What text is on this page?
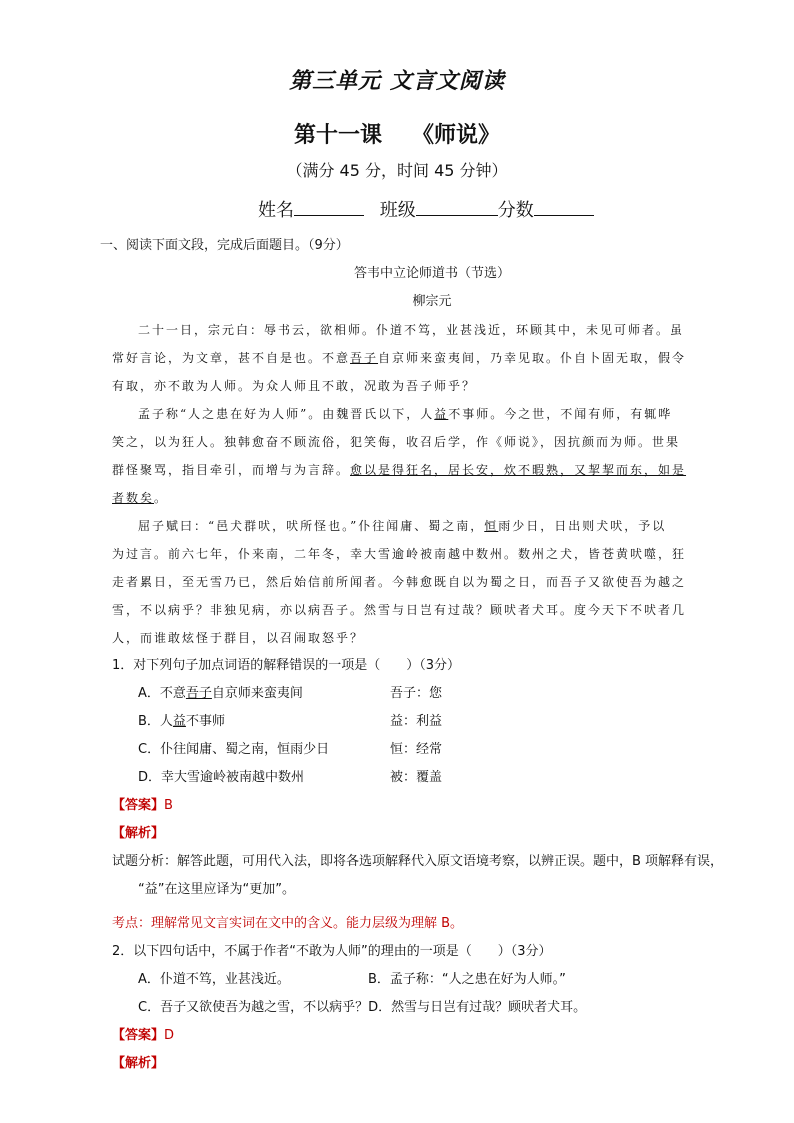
第三单元 文言文阅读
第十一课 《师说》
（满分 45 分，时间 45 分钟）
姓名	班级	分数
一、阅读下面文段，完成后面题目。（9分）
答韦中立论师道书（节选）
柳宗元
二十一日，宗元白：辱书云，欲相师。仆道不笃，业甚浅近，环顾其中，未见可师者。虽
常好言论，为文章，甚不自是也。不意吾子自京师来蛮夷间，乃幸见取。仆自卜固无取，假令
有取，亦不敢为人师。为众人师且不敢，况敢为吾子师乎？
孟子称“人之患在好为人师”。由魏晋氏以下，人益不事师。今之世，不闻有师，有辄哗
笑之，以为狂人。独韩愈奋不顾流俗，犯笑侮，收召后学，作《师说》，因抗颜而为师。世果
群怪聚骂，指目牵引，而增与为言辞。愈以是得狂名，居长安，炊不暇熟，又挈挈而东，如是
者数矣。
屈子赋曰：“邑犬群吠，吠所怪也。”仆往闻庸、蜀之南，恒雨少日，日出则犬吠，予以
为过言。前六七年，仆来南，二年冬，幸大雪逾岭被南越中数州。数州之犬，皆苍黄吠噬，狂
走者累日，至无雪乃已，然后始信前所闻者。今韩愈既自以为蜀之日，而吾子又欲使吾为越之
雪，不以病乎？非独见病，亦以病吾子。然雪与日岂有过哉？顾吠者犬耳。度今天下不吠者几
人，而谁敢炫怪于群目，以召闹取怒乎？
1．对下列句子加点词语的解释错误的一项是（　　）（3分）
A．不意吾子自京师来蛮夷间	吾子：您
B．人益不事师	益：利益
C．仆往闻庸、蜀之南，恒雨少日	恒：经常
D．幸大雪逾岭被南越中数州	被：覆盖
【答案】B
【解析】
试题分析：解答此题，可用代入法，即将各选项解释代入原文语境考察，以辨正误。题中，B 项解释有误，
“益”在这里应译为“更加”。
考点：理解常见文言实词在文中的含义。能力层级为理解 B。
2．以下四句话中，不属于作者“不敢为人师”的理由的一项是（　　）（3分）
A．仆道不笃，业甚浅近。	B．孟子称：“人之患在好为人师。”
C．吾子又欲使吾为越之雪，不以病乎？D．然雪与日岂有过哉？顾吠者犬耳。
【答案】D
【解析】
